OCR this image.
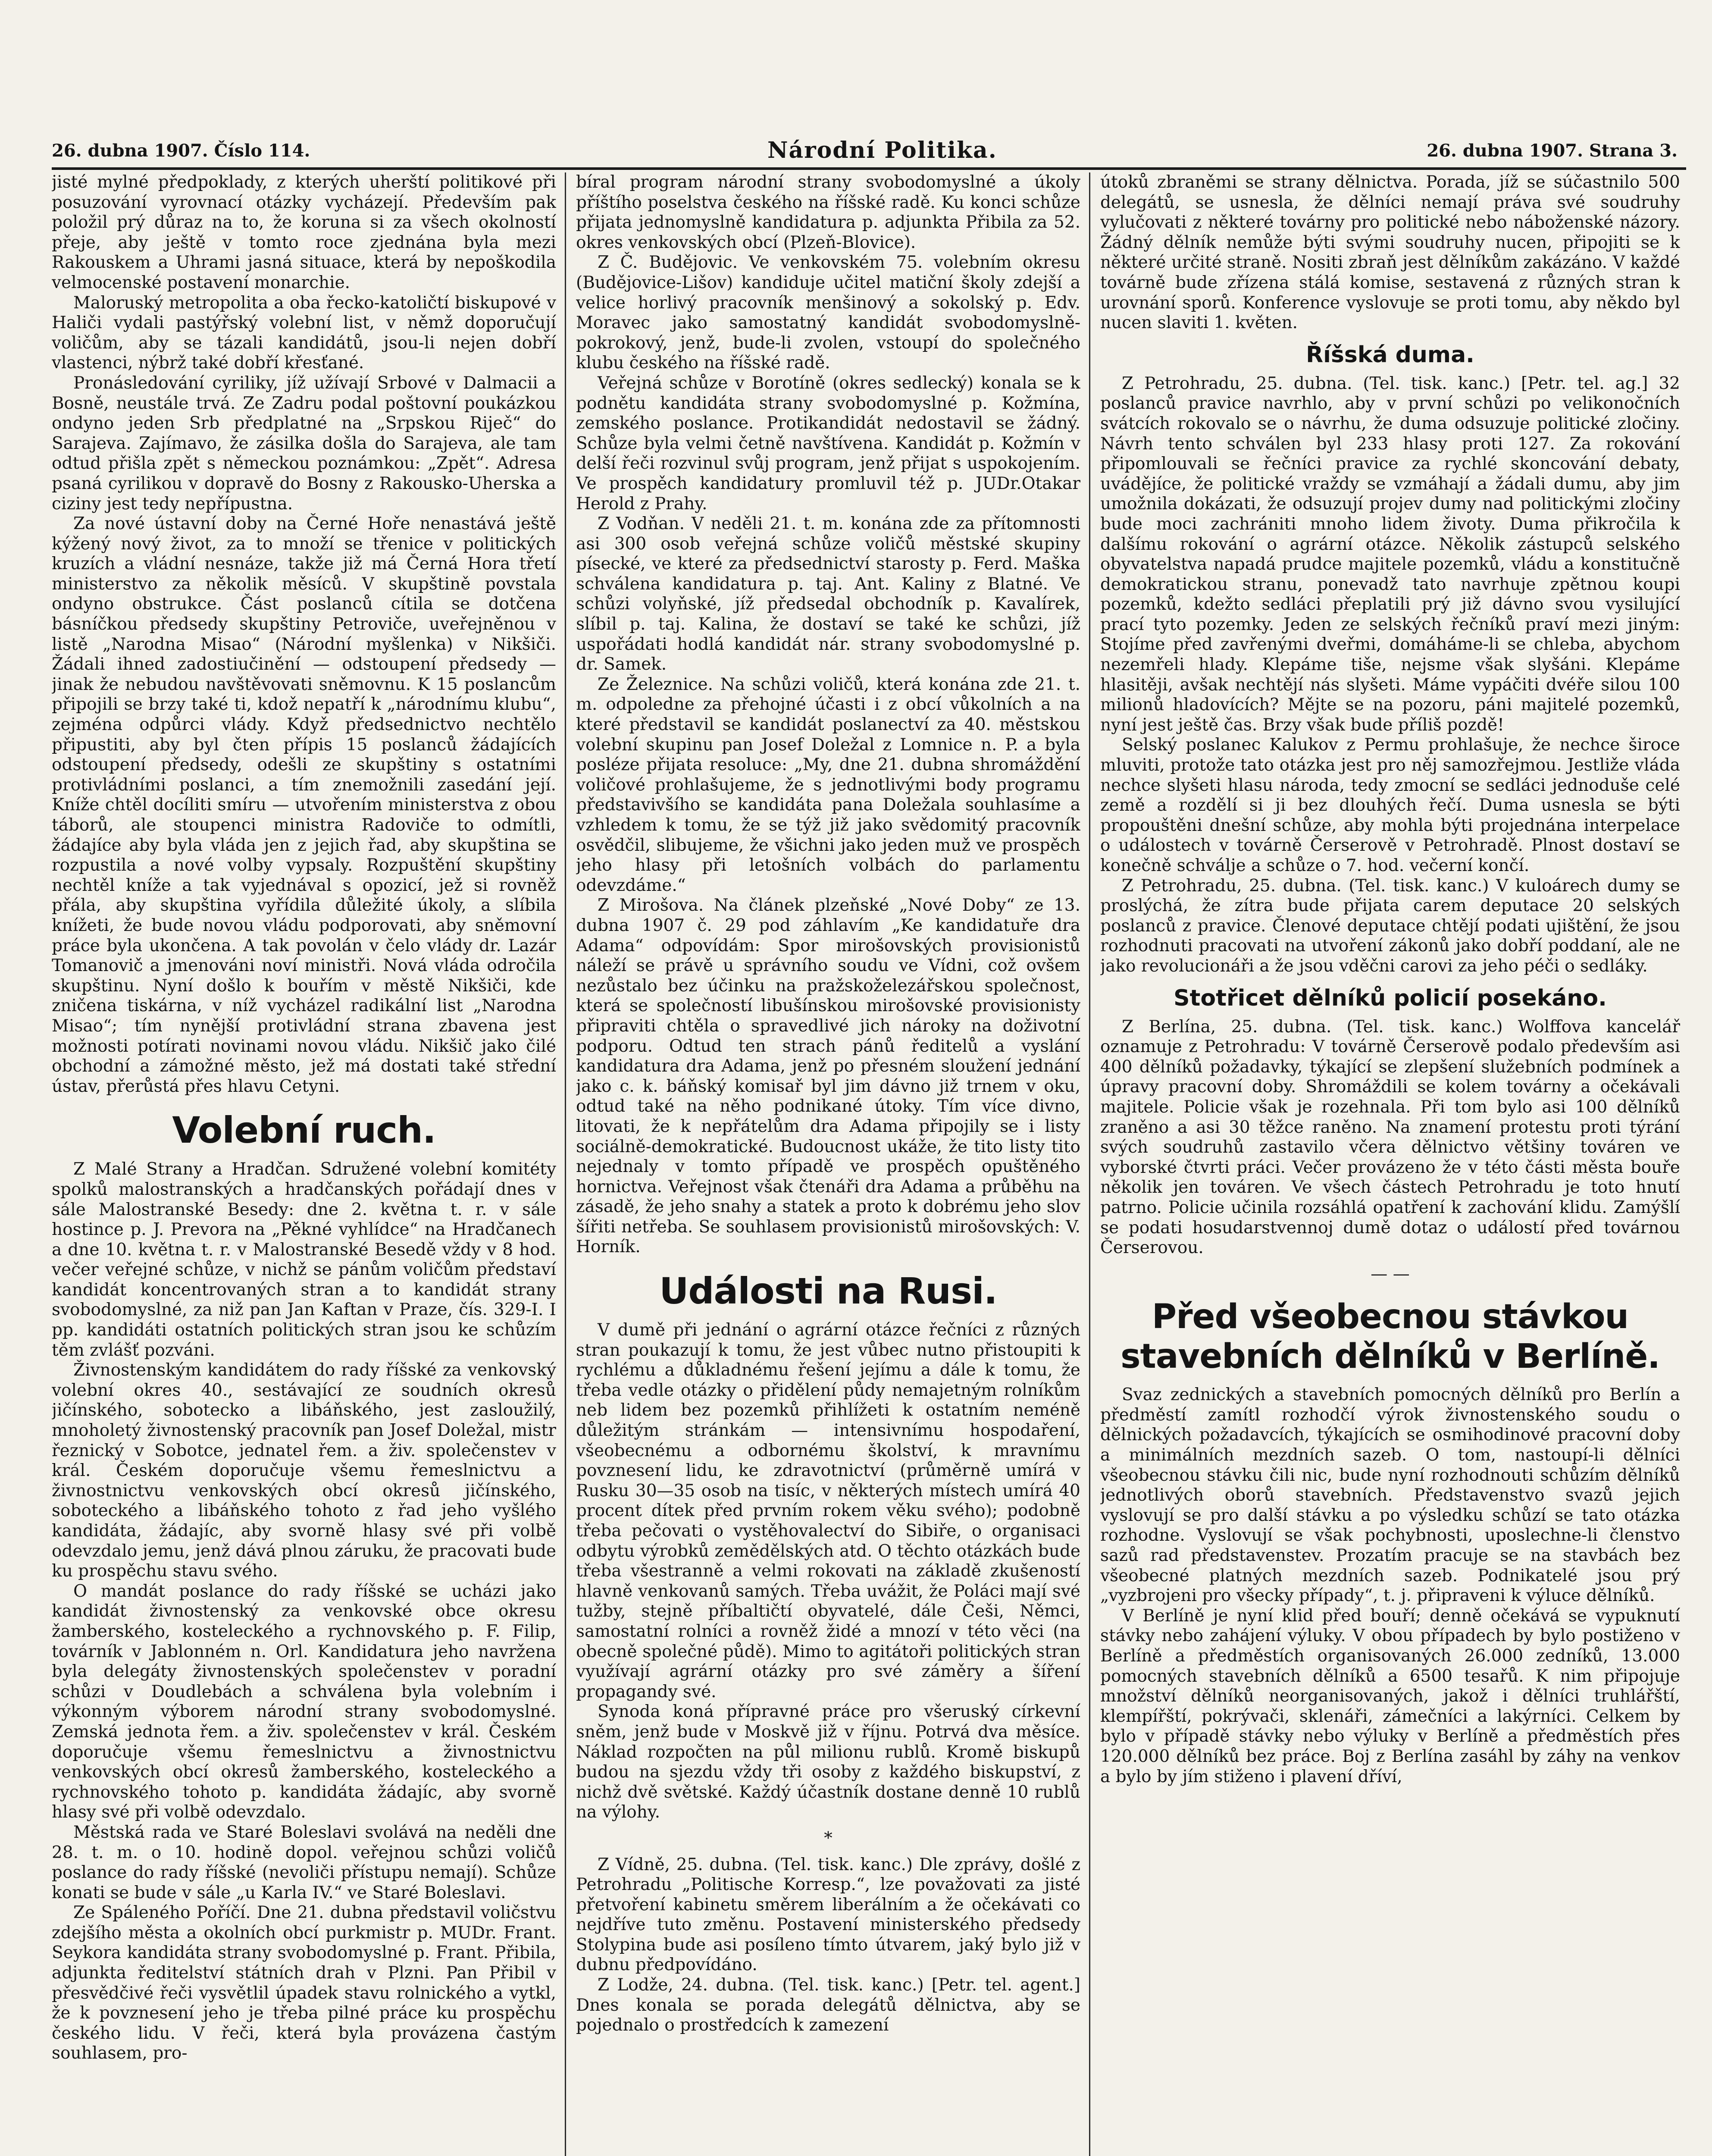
26. dubna 1907. Číslo 114.	Národní Politika.	26. dubna 1907. Strana 3.

jisté mylné předpoklady, z kterých uherští politikové při posuzování vyrovnací otázky vycházejí. Především pak položil prý důraz na to, že koruna si za všech okolností přeje, aby ještě v tomto roce zjednána byla mezi Rakouskem a Uhrami jasná situace, která by nepoškodila velmocenské postavení monarchie.

Maloruský metropolita a oba řecko-katoličtí biskupové v Haliči vydali pastýřský volební list, v němž doporučují voličům, aby se tázali kandidátů, jsou-li nejen dobří vlastenci, nýbrž také dobří křesťané.

Pronásledování cyriliky, jíž užívají Srbové v Dalmacii a Bosně, neustále trvá. Ze Zadru podal poštovní poukázkou ondyno jeden Srb předplatné na „Srpskou Riječ“ do Sarajeva. Zajímavo, že zásilka došla do Sarajeva, ale tam odtud přišla zpět s německou poznámkou: „Zpět“. Adresa psaná cyrilikou v dopravě do Bosny z Rakousko-Uherska a ciziny jest tedy nepřípustna.

Za nové ústavní doby na Černé Hoře nenastává ještě kýžený nový život, za to množí se třenice v politických kruzích a vládní nesnáze, takže již má Černá Hora třetí ministerstvo za několik měsíců. V skupštině povstala ondyno obstrukce. Část poslanců cítila se dotčena básníčkou předsedy skupštiny Petroviče, uveřejněnou v listě „Narodna Misao“ (Národní myšlenka) v Nikšiči. Žádali ihned zadostiučinění — odstoupení předsedy — jinak že nebudou navštěvovati sněmovnu. K 15 poslancům připojili se brzy také ti, kdož nepatří k „národnímu klubu“, zejména odpůrci vlády. Když předsednictvo nechtělo připustiti, aby byl čten přípis 15 poslanců žádajících odstoupení předsedy, odešli ze skupštiny s ostatními protivládními poslanci, a tím znemožnili zasedání její. Kníže chtěl docíliti smíru — utvořením ministerstva z obou táborů, ale stoupenci ministra Radoviče to odmítli, žádajíce aby byla vláda jen z jejich řad, aby skupština se rozpustila a nové volby vypsaly. Rozpuštění skupštiny nechtěl kníže a tak vyjednával s opozicí, jež si rovněž přála, aby skupština vyřídila důležité úkoly, a slíbila knížeti, že bude novou vládu podporovati, aby sněmovní práce byla ukončena. A tak povolán v čelo vlády dr. Lazár Tomanovič a jmenováni noví ministři. Nová vláda odročila skupštinu. Nyní došlo k bouřím v městě Nikšiči, kde zničena tiskárna, v níž vycházel radikální list „Narodna Misao“; tím nynější protivládní strana zbavena jest možnosti potírati novinami novou vládu. Nikšič jako čilé obchodní a zámožné město, jež má dostati také střední ústav, přerůstá přes hlavu Cetyni.

Volební ruch.

Z Malé Strany a Hradčan. Sdružené volební komitéty spolků malostranských a hradčanských pořádají dnes v sále Malostranské Besedy: dne 2. května t. r. v sále hostince p. J. Prevora na „Pěkné vyhlídce“ na Hradčanech a dne 10. května t. r. v Malostranské Besedě vždy v 8 hod. večer veřejné schůze, v nichž se pánům voličům představí kandidát koncentrovaných stran a to kandidát strany svobodomyslné, za niž pan Jan Kaftan v Praze, čís. 329-I. I pp. kandidáti ostatních politických stran jsou ke schůzím těm zvlášť pozváni.

Živnostenským kandidátem do rady říšské za venkovský volební okres 40., sestávající ze soudních okresů jičínského, sobotecko a libáňského, jest zasloužilý, mnoholetý živnostenský pracovník pan Josef Doležal, mistr řeznický v Sobotce, jednatel řem. a živ. společenstev v král. Českém doporučuje všemu řemeslnictvu a živnostnictvu venkovských obcí okresů jičínského, soboteckého a libáňského tohoto z řad jeho vyšlého kandidáta, žádajíc, aby svorně hlasy své při volbě odevzdalo jemu, jenž dává plnou záruku, že pracovati bude ku prospěchu stavu svého.

O mandát poslance do rady říšské se ucházi jako kandidát živnostenský za venkovské obce okresu žamberského, kosteleckého a rychnovského p. F. Filip, továrník v Jablonném n. Orl. Kandidatura jeho navržena byla delegáty živnostenských společenstev v poradní schůzi v Doudlebách a schválena byla volebním i výkonným výborem národní strany svobodomyslné. Zemská jednota řem. a živ. společenstev v král. Českém doporučuje všemu řemeslnictvu a živnostnictvu venkovských obcí okresů žamberského, kosteleckého a rychnovského tohoto p. kandidáta žádajíc, aby svorně hlasy své při volbě odevzdalo.

Městská rada ve Staré Boleslavi svolává na neděli dne 28. t. m. o 10. hodině dopol. veřejnou schůzi voličů poslance do rady říšské (nevoliči přístupu nemají). Schůze konati se bude v sále „u Karla IV.“ ve Staré Boleslavi.

Ze Spáleného Poříčí. Dne 21. dubna představil voličstvu zdejšího města a okolních obcí purkmistr p. MUDr. Frant. Seykora kandidáta strany svobodomyslné p. Frant. Přibila, adjunkta ředitelství státních drah v Plzni. Pan Přibil v přesvědčivé řeči vysvětlil úpadek stavu rolnického a vytkl, že k povznesení jeho je třeba pilné práce ku prospěchu českého lidu. V řeči, která byla provázena častým souhlasem, pro-

bíral program národní strany svobodomyslné a úkoly příštího poselstva českého na říšské radě. Ku konci schůze přijata jednomyslně kandidatura p. adjunkta Přibila za 52. okres venkovských obcí (Plzeň-Blovice).

Z Č. Budějovic. Ve venkovském 75. volebním okresu (Budějovice-Lišov) kandiduje učitel matiční školy zdejší a velice horlivý pracovník menšinový a sokolský p. Edv. Moravec jako samostatný kandidát svobodomyslně-pokrokový, jenž, bude-li zvolen, vstoupí do společného klubu českého na říšské radě.

Veřejná schůze v Borotíně (okres sedlecký) konala se k podnětu kandidáta strany svobodomyslné p. Kožmína, zemského poslance. Protikandidát nedostavil se žádný. Schůze byla velmi četně navštívena. Kandidát p. Kožmín v delší řeči rozvinul svůj program, jenž přijat s uspokojením. Ve prospěch kandidatury promluvil též p. JUDr.Otakar Herold z Prahy.

Z Vodňan. V neděli 21. t. m. konána zde za přítomnosti asi 300 osob veřejná schůze voličů městské skupiny písecké, ve které za předsednictví starosty p. Ferd. Maška schválena kandidatura p. taj. Ant. Kaliny z Blatné. Ve schůzi volyňské, jíž předsedal obchodník p. Kavalírek, slíbil p. taj. Kalina, že dostaví se také ke schůzi, jíž uspořádati hodlá kandidát nár. strany svobodomyslné p. dr. Samek.

Ze Železnice. Na schůzi voličů, která konána zde 21. t. m. odpoledne za přehojné účasti i z obcí vůkolních a na které představil se kandidát poslanectví za 40. městskou volební skupinu pan Josef Doležal z Lomnice n. P. a byla posléze přijata resoluce: „My, dne 21. dubna shromáždění voličové prohlašujeme, že s jednotlivými body programu představivšího se kandidáta pana Doležala souhlasíme a vzhledem k tomu, že se týž již jako svědomitý pracovník osvědčil, slibujeme, že všichni jako jeden muž ve prospěch jeho hlasy při letošních volbách do parlamentu odevzdáme.“

Z Mirošova. Na článek plzeňské „Nové Doby“ ze 13. dubna 1907 č. 29 pod záhlavím „Ke kandidatuře dra Adama“ odpovídám: Spor mirošovských provisionistů náleží se právě u správního soudu ve Vídni, což ovšem nezůstalo bez účinku na pražskoželezářskou společnost, která se společností libušínskou mirošovské provisionisty připraviti chtěla o spravedlivé jich nároky na doživotní podporu. Odtud ten strach pánů ředitelů a vyslání kandidatura dra Adama, jenž po přesném sloužení jednání jako c. k. báňský komisař byl jim dávno již trnem v oku, odtud také na něho podnikané útoky. Tím více divno, litovati, že k nepřátelům dra Adama připojily se i listy sociálně-demokratické. Budoucnost ukáže, že tito listy tito nejednaly v tomto případě ve prospěch opuštěného hornictva. Veřejnost však čtenáři dra Adama a průběhu na zásadě, že jeho snahy a statek a proto k dobrému jeho slov šířiti netřeba. Se souhlasem provisionistů mirošovských: V. Horník.

Události na Rusi.

V dumě při jednání o agrární otázce řečníci z různých stran poukazují k tomu, že jest vůbec nutno přistoupiti k rychlému a důkladnému řešení jejímu a dále k tomu, že třeba vedle otázky o přidělení půdy nemajetným rolníkům neb lidem bez pozemků přihlížeti k ostatním neméně důležitým stránkám — intensivnímu hospodaření, všeobecnému a odbornému školství, k mravnímu povznesení lidu, ke zdravotnictví (průměrně umírá v Rusku 30—35 osob na tisíc, v některých místech umírá 40 procent dítek před prvním rokem věku svého); podobně třeba pečovati o vystěhovalectví do Sibiře, o organisaci odbytu výrobků zemědělských atd. O těchto otázkách bude třeba všestranně a velmi rokovati na základě zkušeností hlavně venkovanů samých. Třeba uvážit, že Poláci mají své tužby, stejně příbaltičtí obyvatelé, dále Češi, Němci, samostatní rolníci a rovněž židé a mnozí v této věci (na obecně společné půdě). Mimo to agitátoři politických stran využívají agrární otázky pro své záměry a šíření propagandy své.

Synoda koná přípravné práce pro všeruský církevní sněm, jenž bude v Moskvě již v říjnu. Potrvá dva měsíce. Náklad rozpočten na půl milionu rublů. Kromě biskupů budou na sjezdu vždy tři osoby z každého biskupství, z nichž dvě světské. Každý účastník dostane denně 10 rublů na výlohy.

*

Z Vídně, 25. dubna. (Tel. tisk. kanc.) Dle zprávy, došlé z Petrohradu „Politische Korresp.“, lze považovati za jisté přetvoření kabinetu směrem liberálním a že očekávati co nejdříve tuto změnu. Postavení ministerského předsedy Stolypina bude asi posíleno tímto útvarem, jaký bylo již v dubnu předpovídáno.

Z Lodže, 24. dubna. (Tel. tisk. kanc.) [Petr. tel. agent.] Dnes konala se porada delegátů dělnictva, aby se pojednalo o prostředcích k zamezení

útoků zbraněmi se strany dělnictva. Porada, jíž se súčastnilo 500 delegátů, se usnesla, že dělníci nemají práva své soudruhy vylučovati z některé továrny pro politické nebo náboženské názory. Žádný dělník nemůže býti svými soudruhy nucen, připojiti se k některé určité straně. Nositi zbraň jest dělníkům zakázáno. V každé továrně bude zřízena stálá komise, sestavená z různých stran k urovnání sporů. Konference vyslovuje se proti tomu, aby někdo byl nucen slaviti 1. květen.

Říšská duma.

Z Petrohradu, 25. dubna. (Tel. tisk. kanc.) [Petr. tel. ag.] 32 poslanců pravice navrhlo, aby v první schůzi po velikonočních svátcích rokovalo se o návrhu, že duma odsuzuje politické zločiny. Návrh tento schválen byl 233 hlasy proti 127. Za rokování připomlouvali se řečníci pravice za rychlé skoncování debaty, uvádějíce, že politické vraždy se vzmáhají a žádali dumu, aby jim umožnila dokázati, že odsuzují projev dumy nad politickými zločiny bude moci zachrániti mnoho lidem životy. Duma přikročila k dalšímu rokování o agrární otázce. Několik zástupců selského obyvatelstva napadá prudce majitele pozemků, vládu a konstitučně demokratickou stranu, ponevadž tato navrhuje zpětnou koupi pozemků, kdežto sedláci přeplatili prý již dávno svou vysilující prací tyto pozemky. Jeden ze selských řečníků praví mezi jiným: Stojíme před zavřenými dveřmi, domáháme-li se chleba, abychom nezemřeli hlady. Klepáme tiše, nejsme však slyšáni. Klepáme hlasitěji, avšak nechtějí nás slyšeti. Máme vypáčiti dvéře silou 100 milionů hladovících? Mějte se na pozoru, páni majitelé pozemků, nyní jest ještě čas. Brzy však bude příliš pozdě!

Selský poslanec Kalukov z Permu prohlašuje, že nechce široce mluviti, protože tato otázka jest pro něj samozřejmou. Jestliže vláda nechce slyšeti hlasu národa, tedy zmocní se sedláci jednoduše celé země a rozdělí si ji bez dlouhých řečí. Duma usnesla se býti propouštěni dnešní schůze, aby mohla býti projednána interpelace o událostech v továrně Čerserově v Petrohradě. Plnost dostaví se konečně schválje a schůze o 7. hod. večerní končí.

Z Petrohradu, 25. dubna. (Tel. tisk. kanc.) V kuloárech dumy se proslýchá, že zítra bude přijata carem deputace 20 selských poslanců z pravice. Členové deputace chtějí podati ujištění, že jsou rozhodnuti pracovati na utvoření zákonů jako dobří poddaní, ale ne jako revolucionáři a že jsou vděčni carovi za jeho péči o sedláky.

Stotřicet dělníků policií posekáno.

Z Berlína, 25. dubna. (Tel. tisk. kanc.) Wolffova kancelář oznamuje z Petrohradu: V továrně Čerserově podalo především asi 400 dělníků požadavky, týkající se zlepšení služebních podmínek a úpravy pracovní doby. Shromáždili se kolem továrny a očekávali majitele. Policie však je rozehnala. Při tom bylo asi 100 dělníků zraněno a asi 30 těžce raněno. Na znamení protestu proti týrání svých soudruhů zastavilo včera dělnictvo většiny továren ve vyborské čtvrti práci. Večer provázeno že v této části města bouře několik jen továren. Ve všech částech Petrohradu je toto hnutí patrno. Policie učinila rozsáhlá opatření k zachování klidu. Zamýšlí se podati hosudarstvennoj dumě dotaz o událostí před továrnou Čerserovou.

— —
Před všeobecnou stávkou stavebních dělníků v Berlíně.

Svaz zednických a stavebních pomocných dělníků pro Berlín a předměstí zamítl rozhodčí výrok živnostenského soudu o dělnických požadavcích, týkajících se osmihodinové pracovní doby a minimálních mezdních sazeb. O tom, nastoupí-li dělníci všeobecnou stávku čili nic, bude nyní rozhodnouti schůzím dělníků jednotlivých oborů stavebních. Představenstvo svazů jejich vyslovují se pro další stávku a po výsledku schůzí se tato otázka rozhodne. Vyslovují se však pochybnosti, uposlechne-li členstvo sazů rad představenstev. Prozatím pracuje se na stavbách bez všeobecné platných mezdních sazeb. Podnikatelé jsou prý „vyzbrojeni pro všecky případy“, t. j. připraveni k výluce dělníků.

V Berlíně je nyní klid před bouří; denně očekává se vypuknutí stávky nebo zahájení výluky. V obou případech by bylo postiženo v Berlíně a předměstích organisovaných 26.000 zedníků, 13.000 pomocných stavebních dělníků a 6500 tesařů. K nim připojuje množství dělníků neorganisovaných, jakož i dělníci truhlářští, klempířští, pokrývači, sklenáři, zámečníci a lakýrníci. Celkem by bylo v případě stávky nebo výluky v Berlíně a předměstích přes 120.000 dělníků bez práce. Boj z Berlína zasáhl by záhy na venkov a bylo by jím stiženo i plavení dříví,
